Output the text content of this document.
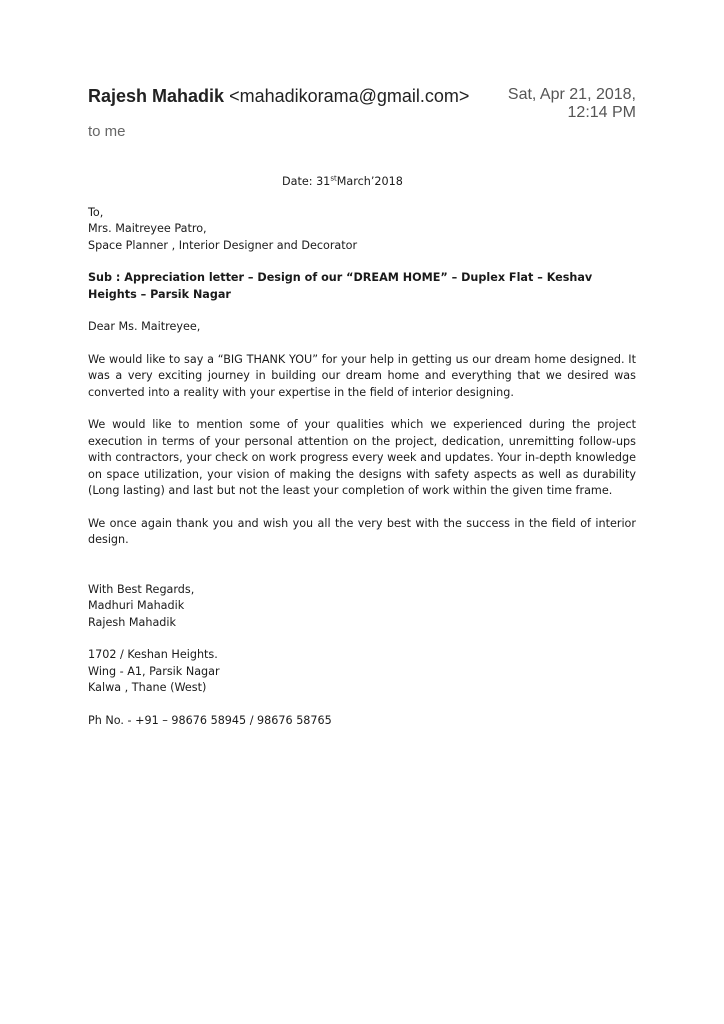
Rajesh Mahadik <mahadikorama@gmail.com>	Sat, Apr 21, 2018,
12:14 PM
to me
Date: 31stMarch’2018
To,
Mrs. Maitreyee Patro,
Space Planner , Interior Designer and Decorator
Sub : Appreciation letter – Design of our “DREAM HOME” – Duplex Flat – Keshav Heights – Parsik Nagar
Dear Ms. Maitreyee,
We would like to say a “BIG THANK YOU” for your help in getting us our dream home designed. It was a very exciting journey in building our dream home and everything that we desired was converted into a reality with your expertise in the field of interior designing.
We would like to mention some of your qualities which we experienced during the project execution in terms of your personal attention on the project, dedication, unremitting follow-ups with contractors, your check on work progress every week and updates. Your in-depth knowledge on space utilization, your vision of making the designs with safety aspects as well as durability (Long lasting) and last but not the least your completion of work within the given time frame.
We once again thank you and wish you all the very best with the success in the field of interior design.
With Best Regards,
Madhuri Mahadik
Rajesh Mahadik
1702 / Keshan Heights.
Wing - A1, Parsik Nagar
Kalwa , Thane (West)
Ph No. - +91 – 98676 58945 / 98676 58765
